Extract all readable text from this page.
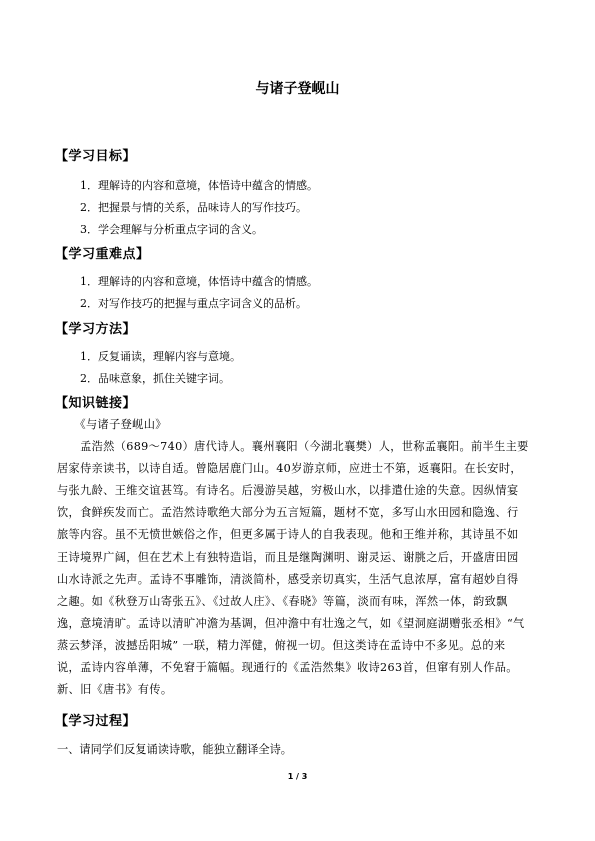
与诸子登岘山
【学习目标】
1．理解诗的内容和意境，体悟诗中蕴含的情感。
2．把握景与情的关系，品味诗人的写作技巧。
3．学会理解与分析重点字词的含义。
【学习重难点】
1．理解诗的内容和意境，体悟诗中蕴含的情感。
2．对写作技巧的把握与重点字词含义的品析。
【学习方法】
1．反复诵读，理解内容与意境。
2．品味意象，抓住关键字词。
【知识链接】
　　《与诸子登岘山》
　　孟浩然（689～740）唐代诗人。襄州襄阳（今湖北襄樊）人，世称孟襄阳。前半生主要
居家侍亲读书，以诗自适。曾隐居鹿门山。40岁游京师，应进士不第，返襄阳。在长安时，
与张九龄、王维交谊甚笃。有诗名。后漫游吴越，穷极山水，以排遣仕途的失意。因纵情宴
饮，食鲜疾发而亡。孟浩然诗歌绝大部分为五言短篇，题材不宽，多写山水田园和隐逸、行
旅等内容。虽不无愤世嫉俗之作，但更多属于诗人的自我表现。他和王维并称，其诗虽不如
王诗境界广阔，但在艺术上有独特造诣，而且是继陶渊明、谢灵运、谢朓之后，开盛唐田园
山水诗派之先声。孟诗不事雕饰，清淡简朴，感受亲切真实，生活气息浓厚，富有超妙自得
之趣。如《秋登万山寄张五》、《过故人庄》、《春晓》等篇，淡而有味，浑然一体，韵致飘
逸，意境清旷。孟诗以清旷冲澹为基调，但冲澹中有壮逸之气，如《望洞庭湖赠张丞相》“气
蒸云梦泽，波撼岳阳城” 一联，精力浑健，俯视一切。但这类诗在孟诗中不多见。总的来
说，孟诗内容单薄，不免窘于篇幅。现通行的《孟浩然集》收诗263首，但窜有别人作品。
新、旧《唐书》有传。
【学习过程】
一、请同学们反复诵读诗歌，能独立翻译全诗。
1 / 3
